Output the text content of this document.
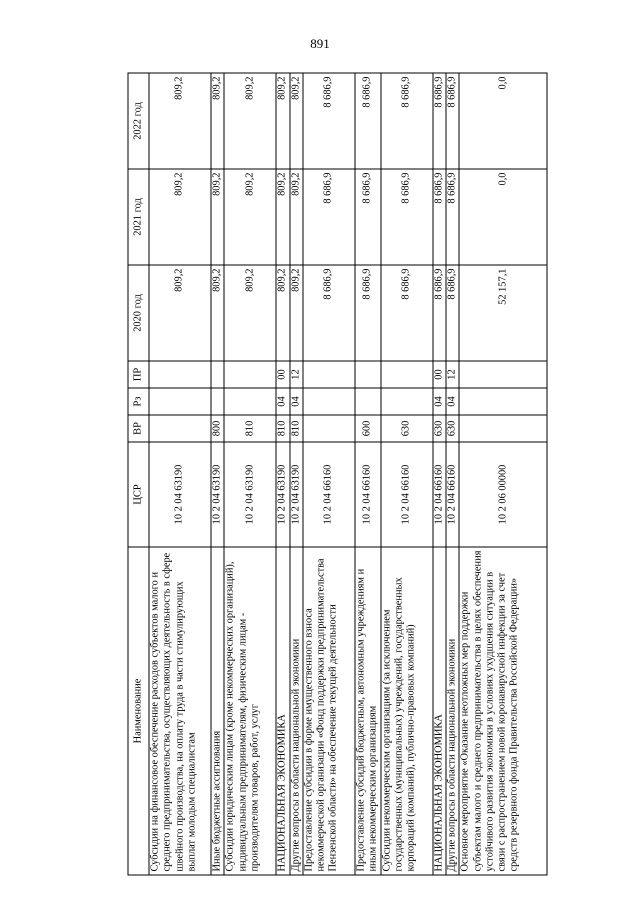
891
Наименование	ЦСР	ВР	Рз	ПР	2020 год	2021 год	2022 год
Субсидии на финансовое обеспечение расходов субъектов малого и среднего предпринимательства, осуществляющих деятельность в сфере швейного производства, на оплату труда в части стимулирующих выплат молодым специалистам	10 2 04 63190				809,2	809,2	809,2
Иные бюджетные ассигнования	10 2 04 63190	800			809,2	809,2	809,2
Субсидии юридическим лицам (кроме некоммерческих организаций), индивидуальным предпринимателям, физическим лицам - производителям товаров, работ, услуг	10 2 04 63190	810			809,2	809,2	809,2
НАЦИОНАЛЬНАЯ ЭКОНОМИКА	10 2 04 63190	810	04	00	809,2	809,2	809,2
Другие вопросы в области национальной экономики	10 2 04 63190	810	04	12	809,2	809,2	809,2
Предоставление субсидии в форме имущественного взноса некоммерческой организации «Фонд поддержки предпринимательства Пензенской области» на обеспечение текущей деятельности	10 2 04 66160				8 686,9	8 686,9	8 686,9
Предоставление субсидий бюджетным, автономным учреждениям и иным некоммерческим организациям	10 2 04 66160	600			8 686,9	8 686,9	8 686,9
Субсидии некоммерческим организациям (за исключением государственных (муниципальных) учреждений, государственных корпораций (компаний), публично-правовых компаний)	10 2 04 66160	630			8 686,9	8 686,9	8 686,9
НАЦИОНАЛЬНАЯ ЭКОНОМИКА	10 2 04 66160	630	04	00	8 686,9	8 686,9	8 686,9
Другие вопросы в области национальной экономики	10 2 04 66160	630	04	12	8 686,9	8 686,9	8 686,9
Основное мероприятие «Оказание неотложных мер поддержки субъектам малого и среднего предпринимательства в целях обеспечения устойчивого развития экономики в условиях ухудшения ситуации в связи с распространением новой коронавирусной инфекции за счет средств резервного фонда Правительства Российской Федерации»	10 2 06 00000				52 157,1	0,0	0,0
